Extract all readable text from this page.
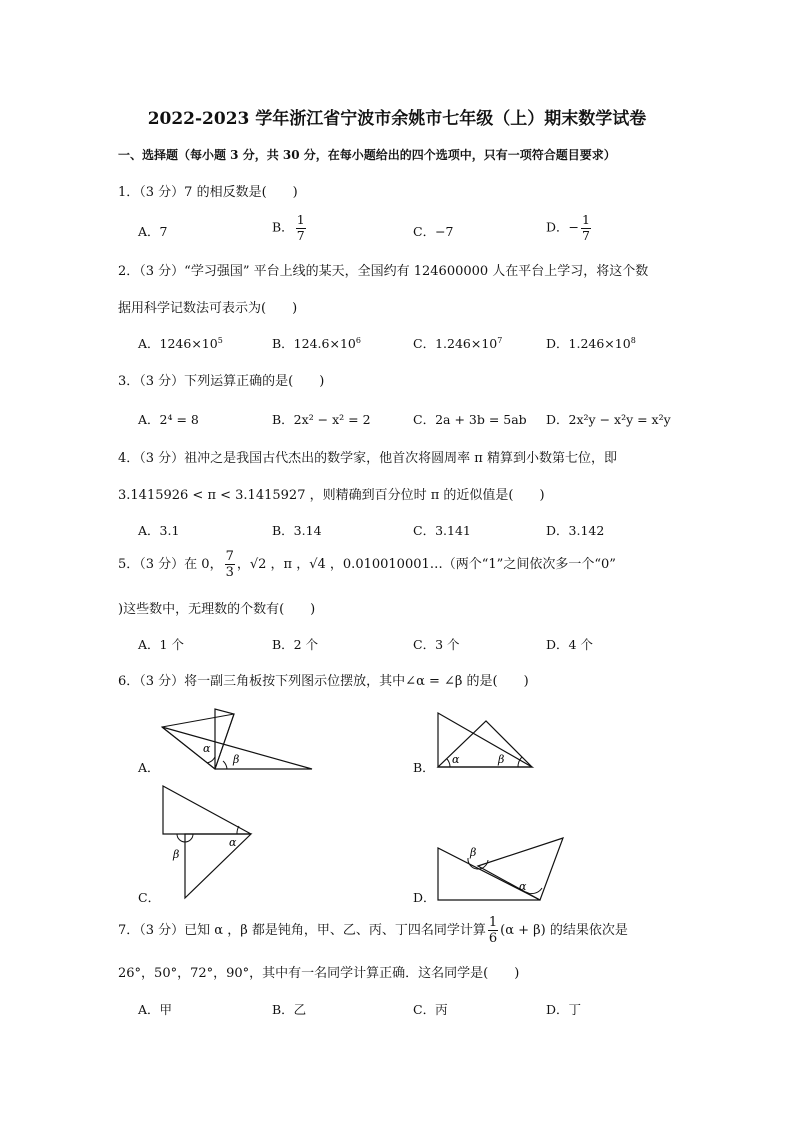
2022-2023 学年浙江省宁波市余姚市七年级（上）期末数学试卷
一、选择题（每小题 3 分，共 30 分，在每小题给出的四个选项中，只有一项符合题目要求）
1．（3 分）7 的相反数是(　　)
A．7	B． $\frac{1}{7}$	C．−7	D．− $\frac{1}{7}$
2．（3 分）“学习强国” 平台上线的某天，全国约有 124600000 人在平台上学习，将这个数
据用科学记数法可表示为(　　)
A．$1246\times 10^5$	B．$124.6\times 10^6$	C．$1.246\times 10^7$	D．$1.246\times 10^8$
3．（3 分）下列运算正确的是(　　)
A．2⁴ = 8	B．2x² − x² = 2	C．2a + 3b = 5ab D．2x²y − x²y = x²y
4．（3 分）祖冲之是我国古代杰出的数学家，他首次将圆周率 π 精算到小数第七位，即
3.1415926 < π < 3.1415927 ，则精确到百分位时 π 的近似值是(　　)
A．3.1	B．3.14	C．3.141	D．3.142
5．（3 分）在 0， $\frac{7}{3}$ ，√2 ，π ，√4 ，0.010010001…（两个“1”之间依次多一个“0”
)这些数中，无理数的个数有(　　)
A．1 个	B．2 个	C．3 个	D．4 个
6．（3 分）将一副三角板按下列图示位摆放，其中∠α = ∠β 的是(　　)
A．
α
β
B．
α	β
C．
α
β
D．
β
α
7．（3 分）已知 α ，β 都是钝角，甲、乙、丙、丁四名同学计算 $\frac{1}{6} (\alpha + \beta)$ 的结果依次是
26°，50°，72°，90°，其中有一名同学计算正确．这名同学是(　　)
A．甲	B．乙	C．丙	D．丁
